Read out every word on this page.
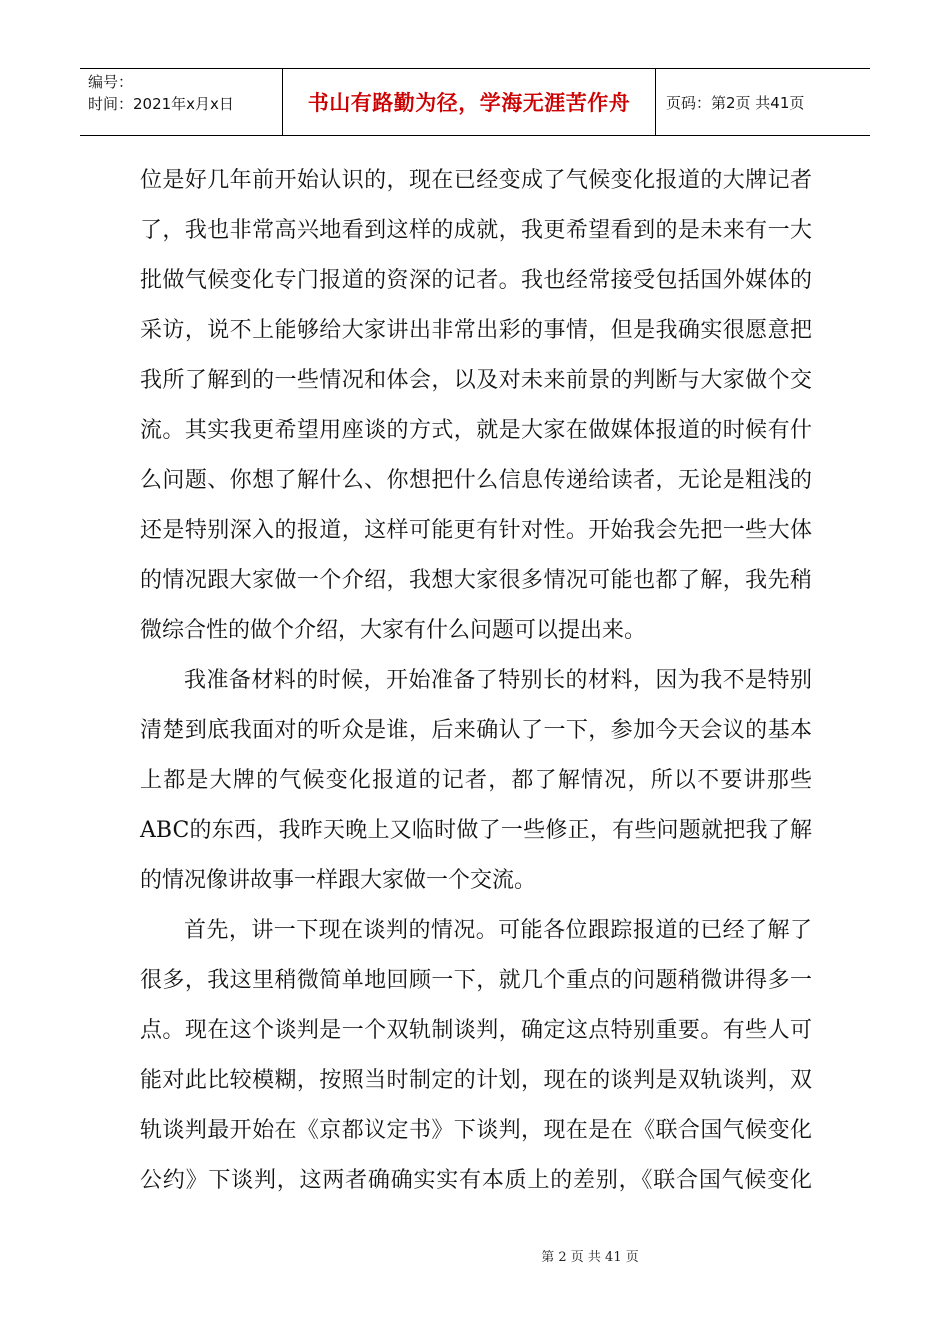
编号：
时间：2021年x月x日	书山有路勤为径，学海无涯苦作舟	页码：第2页 共41页
位是好几年前开始认识的，现在已经变成了气候变化报道的大牌记者
了，我也非常高兴地看到这样的成就，我更希望看到的是未来有一大
批做气候变化专门报道的资深的记者。我也经常接受包括国外媒体的
采访，说不上能够给大家讲出非常出彩的事情，但是我确实很愿意把
我所了解到的一些情况和体会，以及对未来前景的判断与大家做个交
流。其实我更希望用座谈的方式，就是大家在做媒体报道的时候有什
么问题、你想了解什么、你想把什么信息传递给读者，无论是粗浅的
还是特别深入的报道，这样可能更有针对性。开始我会先把一些大体
的情况跟大家做一个介绍，我想大家很多情况可能也都了解，我先稍
微综合性的做个介绍，大家有什么问题可以提出来。
我准备材料的时候，开始准备了特别长的材料，因为我不是特别
清楚到底我面对的听众是谁，后来确认了一下，参加今天会议的基本
上都是大牌的气候变化报道的记者，都了解情况，所以不要讲那些
ABC的东西，我昨天晚上又临时做了一些修正，有些问题就把我了解
的情况像讲故事一样跟大家做一个交流。
首先，讲一下现在谈判的情况。可能各位跟踪报道的已经了解了
很多，我这里稍微简单地回顾一下，就几个重点的问题稍微讲得多一
点。现在这个谈判是一个双轨制谈判，确定这点特别重要。有些人可
能对此比较模糊，按照当时制定的计划，现在的谈判是双轨谈判，双
轨谈判最开始在《京都议定书》下谈判，现在是在《联合国气候变化
公约》下谈判，这两者确确实实有本质上的差别，《联合国气候变化
第 2 页 共 41 页
